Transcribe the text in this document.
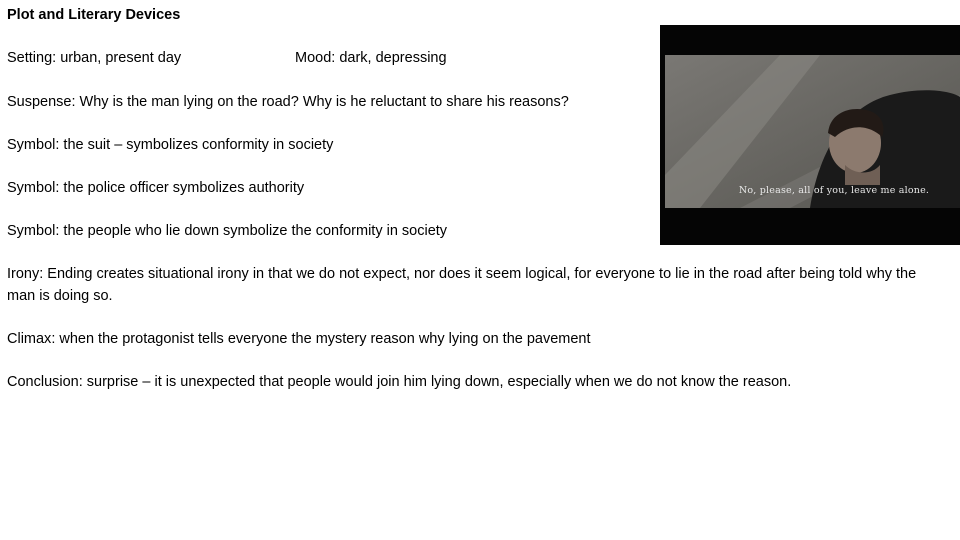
Plot and Literary Devices
Setting: urban, present day	Mood: dark, depressing
Suspense: Why is the man lying on the road? Why is he reluctant to share his reasons?
Symbol: the suit – symbolizes conformity in society
Symbol: the police officer symbolizes authority
Symbol: the people who lie down symbolize the conformity in society
Irony: Ending creates situational irony in that we do not expect, nor does it seem logical, for everyone to lie in the road after being told why the man is doing so.
Climax: when the protagonist tells everyone the mystery reason why lying on the pavement
Conclusion: surprise – it is unexpected that people would join him lying down, especially when we do not know the reason.
No, please, all of you, leave me alone.
